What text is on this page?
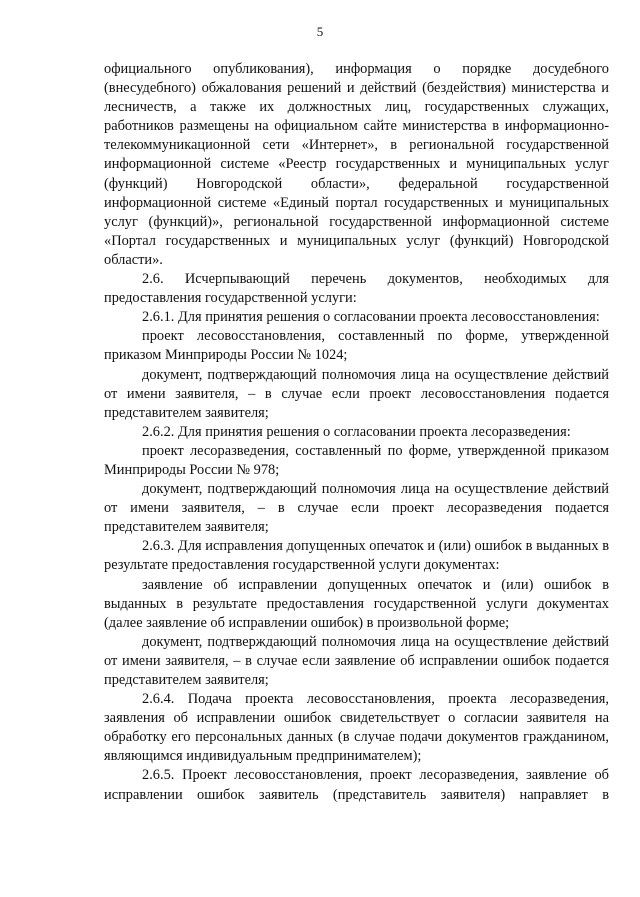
5

официального опубликования), информация о порядке досудебного (внесудебного) обжалования решений и действий (бездействия) министерства и лесничеств, а также их должностных лиц, государственных служащих, работников размещены на официальном сайте министерства в информационно-телекоммуникационной сети «Интернет», в региональной государственной информационной системе «Реестр государственных и муниципальных услуг (функций) Новгородской области», федеральной государственной информационной системе «Единый портал государственных и муниципальных услуг (функций)», региональной государственной информационной системе «Портал государственных и муниципальных услуг (функций) Новгородской области».

2.6. Исчерпывающий перечень документов, необходимых для предоставления государственной услуги:

2.6.1. Для принятия решения о согласовании проекта лесовосстановления:

проект лесовосстановления, составленный по форме, утвержденной приказом Минприроды России № 1024;

документ, подтверждающий полномочия лица на осуществление действий от имени заявителя, – в случае если проект лесовосстановления подается представителем заявителя;

2.6.2. Для принятия решения о согласовании проекта лесоразведения:

проект лесоразведения, составленный по форме, утвержденной приказом Минприроды России № 978;

документ, подтверждающий полномочия лица на осуществление действий от имени заявителя, – в случае если проект лесоразведения подается представителем заявителя;

2.6.3. Для исправления допущенных опечаток и (или) ошибок в выданных в результате предоставления государственной услуги документах:

заявление об исправлении допущенных опечаток и (или) ошибок в выданных в результате предоставления государственной услуги документах (далее заявление об исправлении ошибок) в произвольной форме;

документ, подтверждающий полномочия лица на осуществление действий от имени заявителя, – в случае если заявление об исправлении ошибок подается представителем заявителя;

2.6.4. Подача проекта лесовосстановления, проекта лесоразведения, заявления об исправлении ошибок свидетельствует о согласии заявителя на обработку его персональных данных (в случае подачи документов гражданином, являющимся индивидуальным предпринимателем);

2.6.5. Проект лесовосстановления, проект лесоразведения, заявление об исправлении ошибок заявитель (представитель заявителя) направляет в
